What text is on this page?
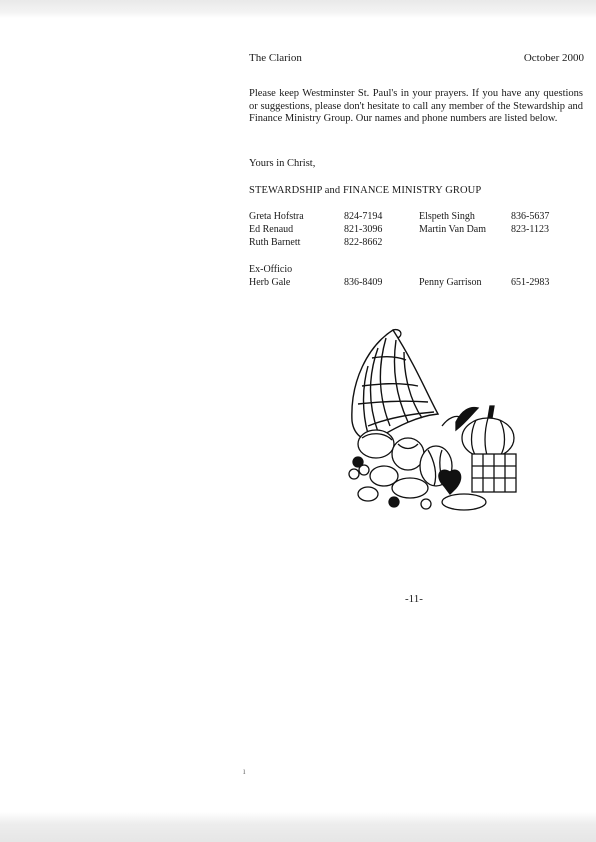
The Clarion	October 2000

Please keep Westminster St. Paul's in your prayers. If you have any questions or suggestions, please don't hesitate to call any member of the Stewardship and Finance Ministry Group. Our names and phone numbers are listed below.

Yours in Christ,
STEWARDSHIP and FINANCE MINISTRY GROUP
Greta Hofstra	824-7194	Elspeth Singh	836-5637
Ed Renaud	821-3096	Martin Van Dam 823-1123
Ruth Barnett	822-8662
Ex-Officio
Herb Gale	836-8409	Penny Garrison	651-2983
-11-
ı
